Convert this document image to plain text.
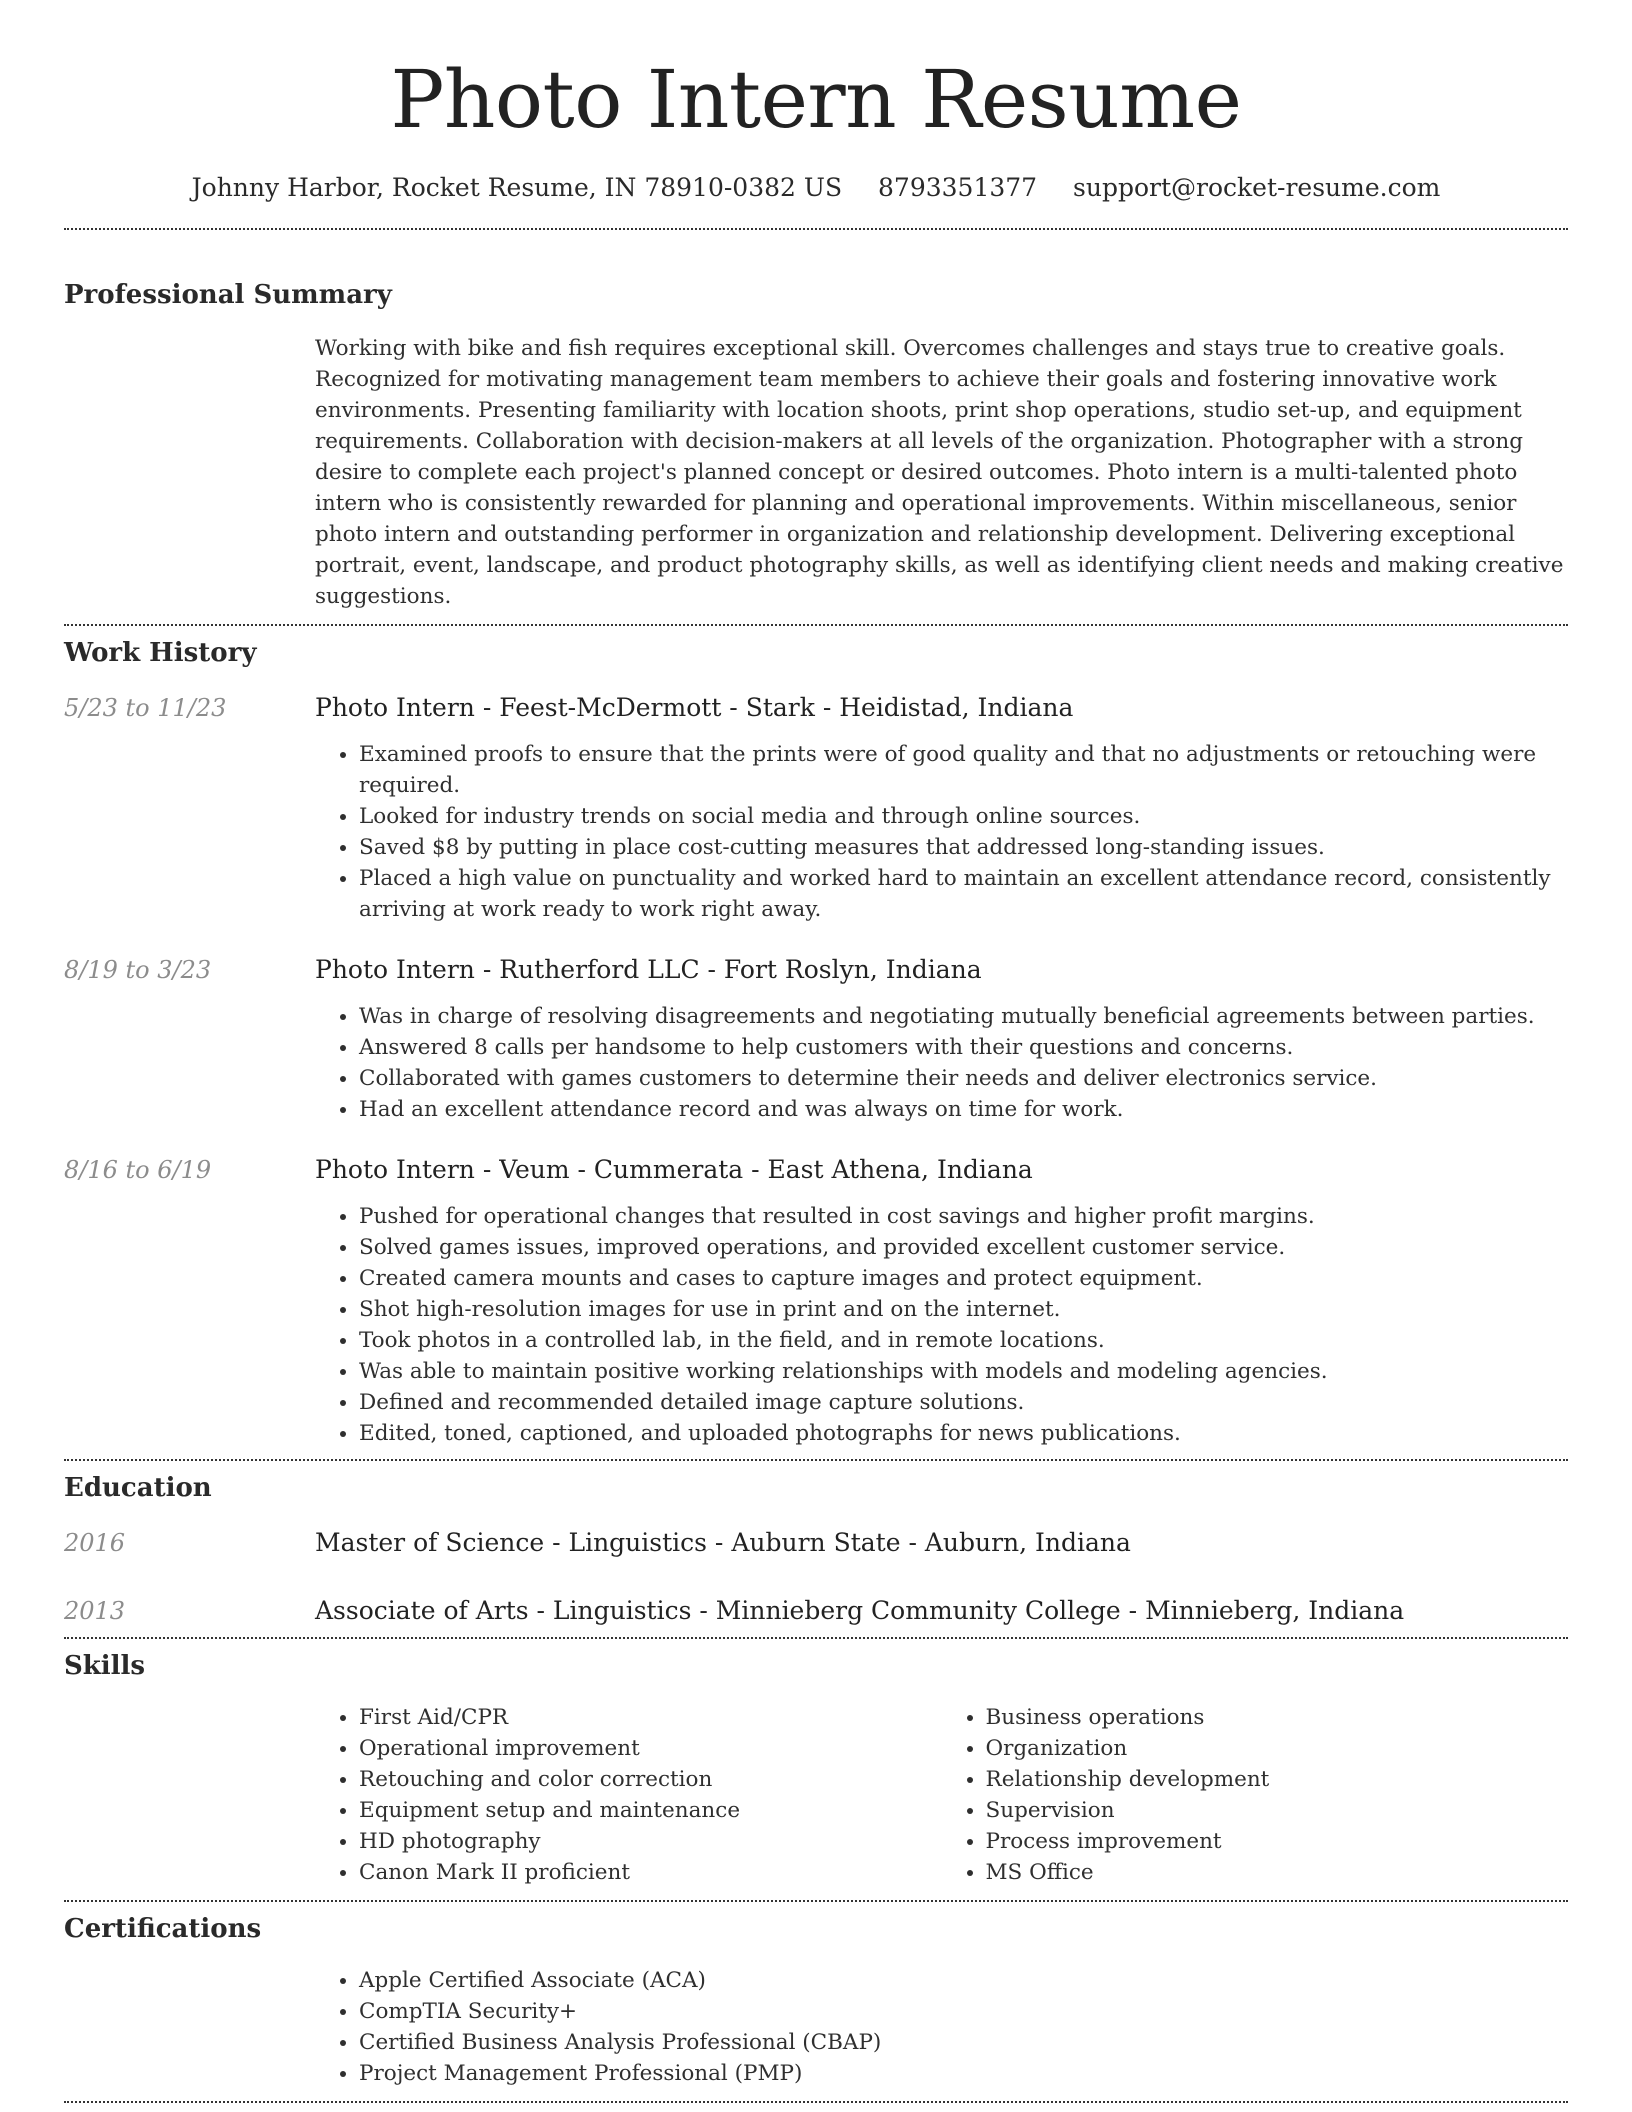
Photo Intern Resume
Johnny Harbor, Rocket Resume, IN 78910-0382 US 8793351377 support@rocket-resume.com
Professional Summary

Working with bike and fish requires exceptional skill. Overcomes challenges and stays true to creative goals. Recognized for motivating management team members to achieve their goals and fostering innovative work environments. Presenting familiarity with location shoots, print shop operations, studio set-up, and equipment requirements. Collaboration with decision-makers at all levels of the organization. Photographer with a strong desire to complete each project's planned concept or desired outcomes. Photo intern is a multi-talented photo intern who is consistently rewarded for planning and operational improvements. Within miscellaneous, senior photo intern and outstanding performer in organization and relationship development. Delivering exceptional portrait, event, landscape, and product photography skills, as well as identifying client needs and making creative suggestions.

Work History
5/23 to 11/23	Photo Intern - Feest-McDermott - Stark - Heidistad, Indiana
• Examined proofs to ensure that the prints were of good quality and that no adjustments or retouching were required.
• Looked for industry trends on social media and through online sources.
• Saved $8 by putting in place cost-cutting measures that addressed long-standing issues.
• Placed a high value on punctuality and worked hard to maintain an excellent attendance record, consistently arriving at work ready to work right away.
8/19 to 3/23	Photo Intern - Rutherford LLC - Fort Roslyn, Indiana
• Was in charge of resolving disagreements and negotiating mutually beneficial agreements between parties.
• Answered 8 calls per handsome to help customers with their questions and concerns.
• Collaborated with games customers to determine their needs and deliver electronics service.
• Had an excellent attendance record and was always on time for work.
8/16 to 6/19	Photo Intern - Veum - Cummerata - East Athena, Indiana
• Pushed for operational changes that resulted in cost savings and higher profit margins.
• Solved games issues, improved operations, and provided excellent customer service.
• Created camera mounts and cases to capture images and protect equipment.
• Shot high-resolution images for use in print and on the internet.
• Took photos in a controlled lab, in the field, and in remote locations.
• Was able to maintain positive working relationships with models and modeling agencies.
• Defined and recommended detailed image capture solutions.
• Edited, toned, captioned, and uploaded photographs for news publications.
Education
2016	Master of Science - Linguistics - Auburn State - Auburn, Indiana
2013	Associate of Arts - Linguistics - Minnieberg Community College - Minnieberg, Indiana
Skills
• First Aid/CPR
• Operational improvement
• Retouching and color correction
• Equipment setup and maintenance
• HD photography
• Canon Mark II proficient
• Business operations
• Organization
• Relationship development
• Supervision
• Process improvement
• MS Office
Certifications
• Apple Certified Associate (ACA)
• CompTIA Security+
• Certified Business Analysis Professional (CBAP)
• Project Management Professional (PMP)
